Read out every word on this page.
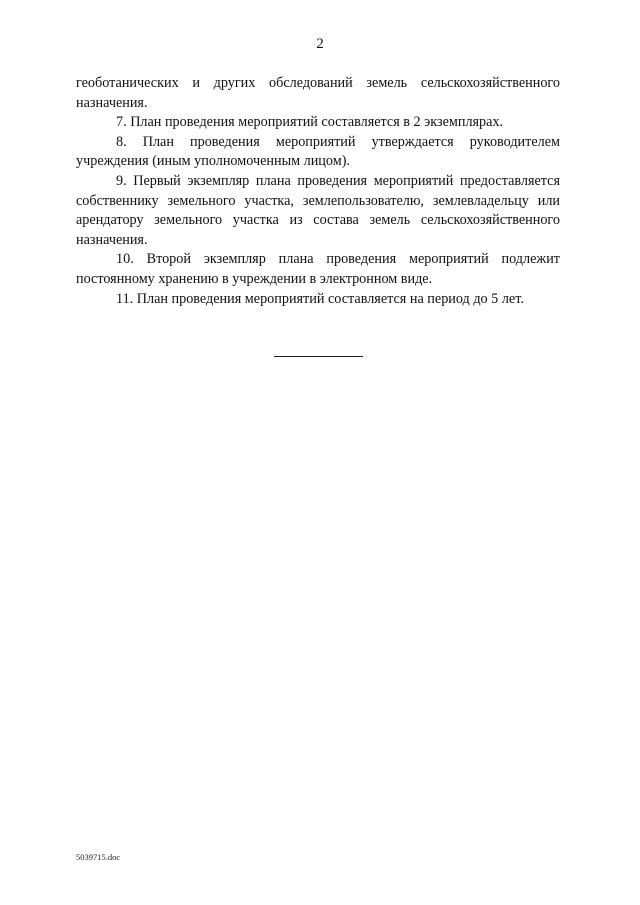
2

геоботанических и других обследований земель сельскохозяйственного назначения.

7. План проведения мероприятий составляется в 2 экземплярах.

8. План проведения мероприятий утверждается руководителем учреждения (иным уполномоченным лицом).

9. Первый экземпляр плана проведения мероприятий предоставляется собственнику земельного участка, землепользователю, землевладельцу или арендатору земельного участка из состава земель сельскохозяйственного назначения.

10. Второй экземпляр плана проведения мероприятий подлежит постоянному хранению в учреждении в электронном виде.

11. План проведения мероприятий составляется на период до 5 лет.

5039715.doc
